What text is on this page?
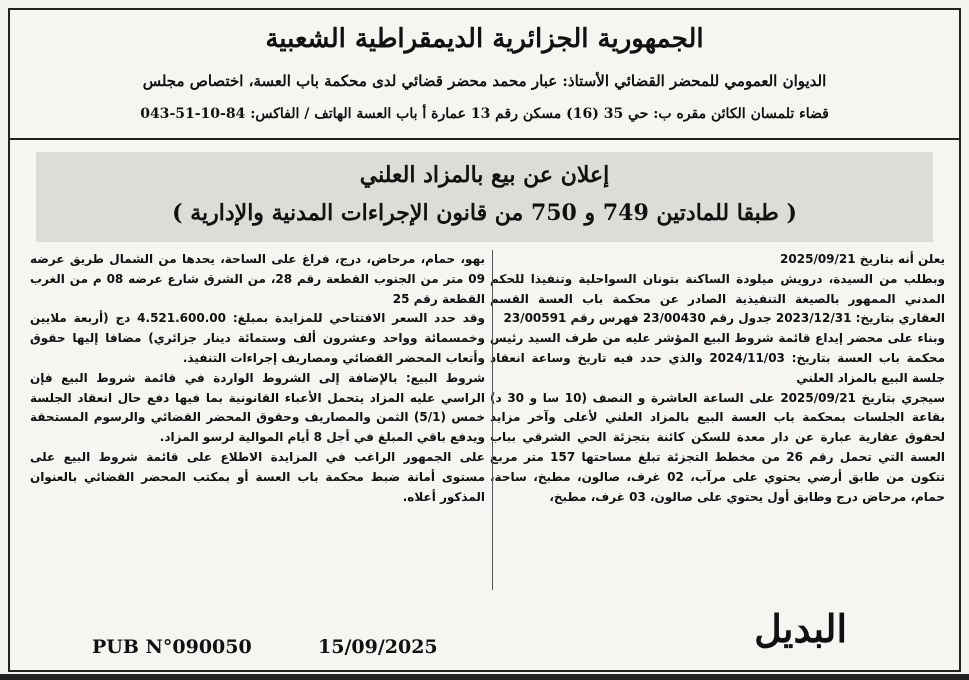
الجمهورية الجزائرية الديمقراطية الشعبية
الديوان العمومي للمحضر القضائي الأستاذ: عبار محمد محضر قضائي لدى محكمة باب العسة، اختصاص مجلس
قضاء تلمسان الكائن مقره ب: حي 35 (16) مسكن رقم 13 عمارة أ باب العسة الهاتف / الفاكس: 84-10-51-043
إعلان عن بيع بالمزاد العلني
( طبقا للمادتين 749 و 750 من قانون الإجراءات المدنية والإدارية )

يعلن أنه بتاريخ 2025/09/21

وبطلب من السيدة، درويش ميلودة الساكنة بتونان السواحلية وتنفيذا للحكم المدني الممهور بالصيغة التنفيذية الصادر عن محكمة باب العسة القسم العقاري بتاريخ: 2023/12/31 جدول رقم 23/00430 فهرس رقم 23/00591

وبناء على محضر إيداع قائمة شروط البيع المؤشر عليه من طرف السيد رئيس محكمة باب العسة بتاريخ: 2024/11/03 والذي حدد فيه تاريخ وساعة انعقاد جلسة البيع بالمزاد العلني

سيجري بتاريخ 2025/09/21 على الساعة العاشرة و النصف (10 سا و 30 د) بقاعة الجلسات بمحكمة باب العسة البيع بالمزاد العلني لأعلى وآخر مزايد لحقوق عقارية عبارة عن دار معدة للسكن كائنة بتجزئة الحي الشرقي بباب العسة التي تحمل رقم 26 من مخطط التجزئة تبلغ مساحتها 157 متر مربع تتكون من طابق أرضي يحتوي على مرآب، 02 غرف، صالون، مطبخ، ساحة، حمام، مرحاض درج وطابق أول يحتوي على صالون، 03 غرف، مطبخ،

بهو، حمام، مرحاض، درج، فراغ على الساحة، يحدها من الشمال طريق عرضه 09 متر من الجنوب القطعة رقم 28، من الشرق شارع عرضه 08 م من الغرب القطعة رقم 25

وقد حدد السعر الافتتاحي للمزايدة بمبلغ: 4.521.600.00 دج (أربعة ملايين وخمسمائة وواحد وعشرون ألف وستمائة دينار جزائري) مضافا إليها حقوق وأتعاب المحضر القضائي ومصاريف إجراءات التنفيذ.

شروط البيع: بالإضافة إلى الشروط الواردة في قائمة شروط البيع فإن الراسي عليه المزاد يتحمل الأعباء القانونية بما فيها دفع حال انعقاد الجلسة خمس (5/1) الثمن والمصاريف وحقوق المحضر القضائي والرسوم المستحقة ويدفع باقي المبلغ في أجل 8 أيام الموالية لرسو المزاد.

على الجمهور الراغب في المزايدة الاطلاع على قائمة شروط البيع على مستوى أمانة ضبط محكمة باب العسة أو بمكتب المحضر القضائي بالعنوان المذكور أعلاه.

البديل
PUB N°090050	15/09/2025
